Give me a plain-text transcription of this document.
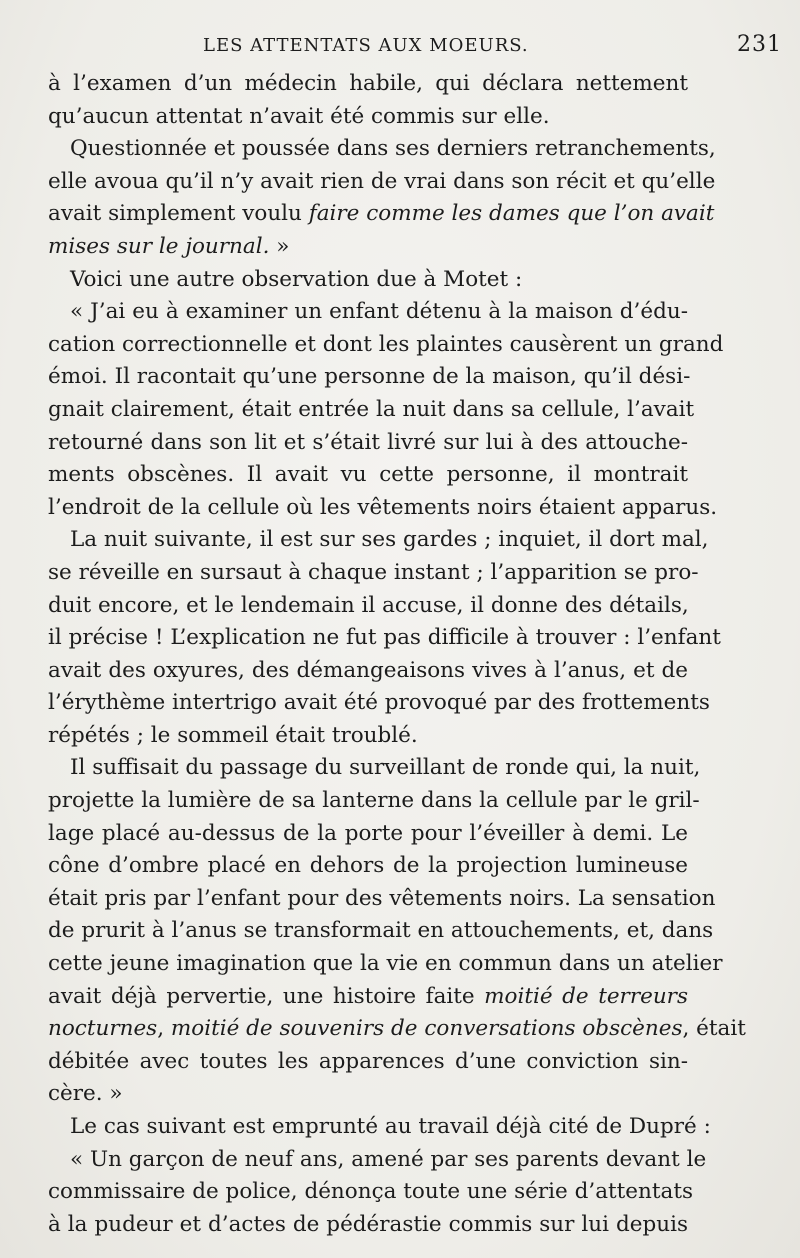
LES ATTENTATS AUX MOEURS.	231
à l’examen d’un médecin habile, qui déclara nettement
qu’aucun attentat n’avait été commis sur elle.
Questionnée et poussée dans ses derniers retranchements,
elle avoua qu’il n’y avait rien de vrai dans son récit et qu’elle
avait simplement voulu faire comme les dames que l’on avait
mises sur le journal. »
Voici une autre observation due à Motet :
« J’ai eu à examiner un enfant détenu à la maison d’édu-
cation correctionnelle et dont les plaintes causèrent un grand
émoi. Il racontait qu’une personne de la maison, qu’il dési-
gnait clairement, était entrée la nuit dans sa cellule, l’avait
retourné dans son lit et s’était livré sur lui à des attouche-
ments obscènes. Il avait vu cette personne, il montrait
l’endroit de la cellule où les vêtements noirs étaient apparus.
La nuit suivante, il est sur ses gardes ; inquiet, il dort mal,
se réveille en sursaut à chaque instant ; l’apparition se pro-
duit encore, et le lendemain il accuse, il donne des détails,
il précise ! L’explication ne fut pas difficile à trouver : l’enfant
avait des oxyures, des démangeaisons vives à l’anus, et de
l’érythème intertrigo avait été provoqué par des frottements
répétés ; le sommeil était troublé.
Il suffisait du passage du surveillant de ronde qui, la nuit,
projette la lumière de sa lanterne dans la cellule par le gril-
lage placé au-dessus de la porte pour l’éveiller à demi. Le
cône d’ombre placé en dehors de la projection lumineuse
était pris par l’enfant pour des vêtements noirs. La sensation
de prurit à l’anus se transformait en attouchements, et, dans
cette jeune imagination que la vie en commun dans un atelier
avait déjà pervertie, une histoire faite moitié de terreurs
nocturnes, moitié de souvenirs de conversations obscènes, était
débitée avec toutes les apparences d’une conviction sin-
cère. »
Le cas suivant est emprunté au travail déjà cité de Dupré :
« Un garçon de neuf ans, amené par ses parents devant le
commissaire de police, dénonça toute une série d’attentats
à la pudeur et d’actes de pédérastie commis sur lui depuis
